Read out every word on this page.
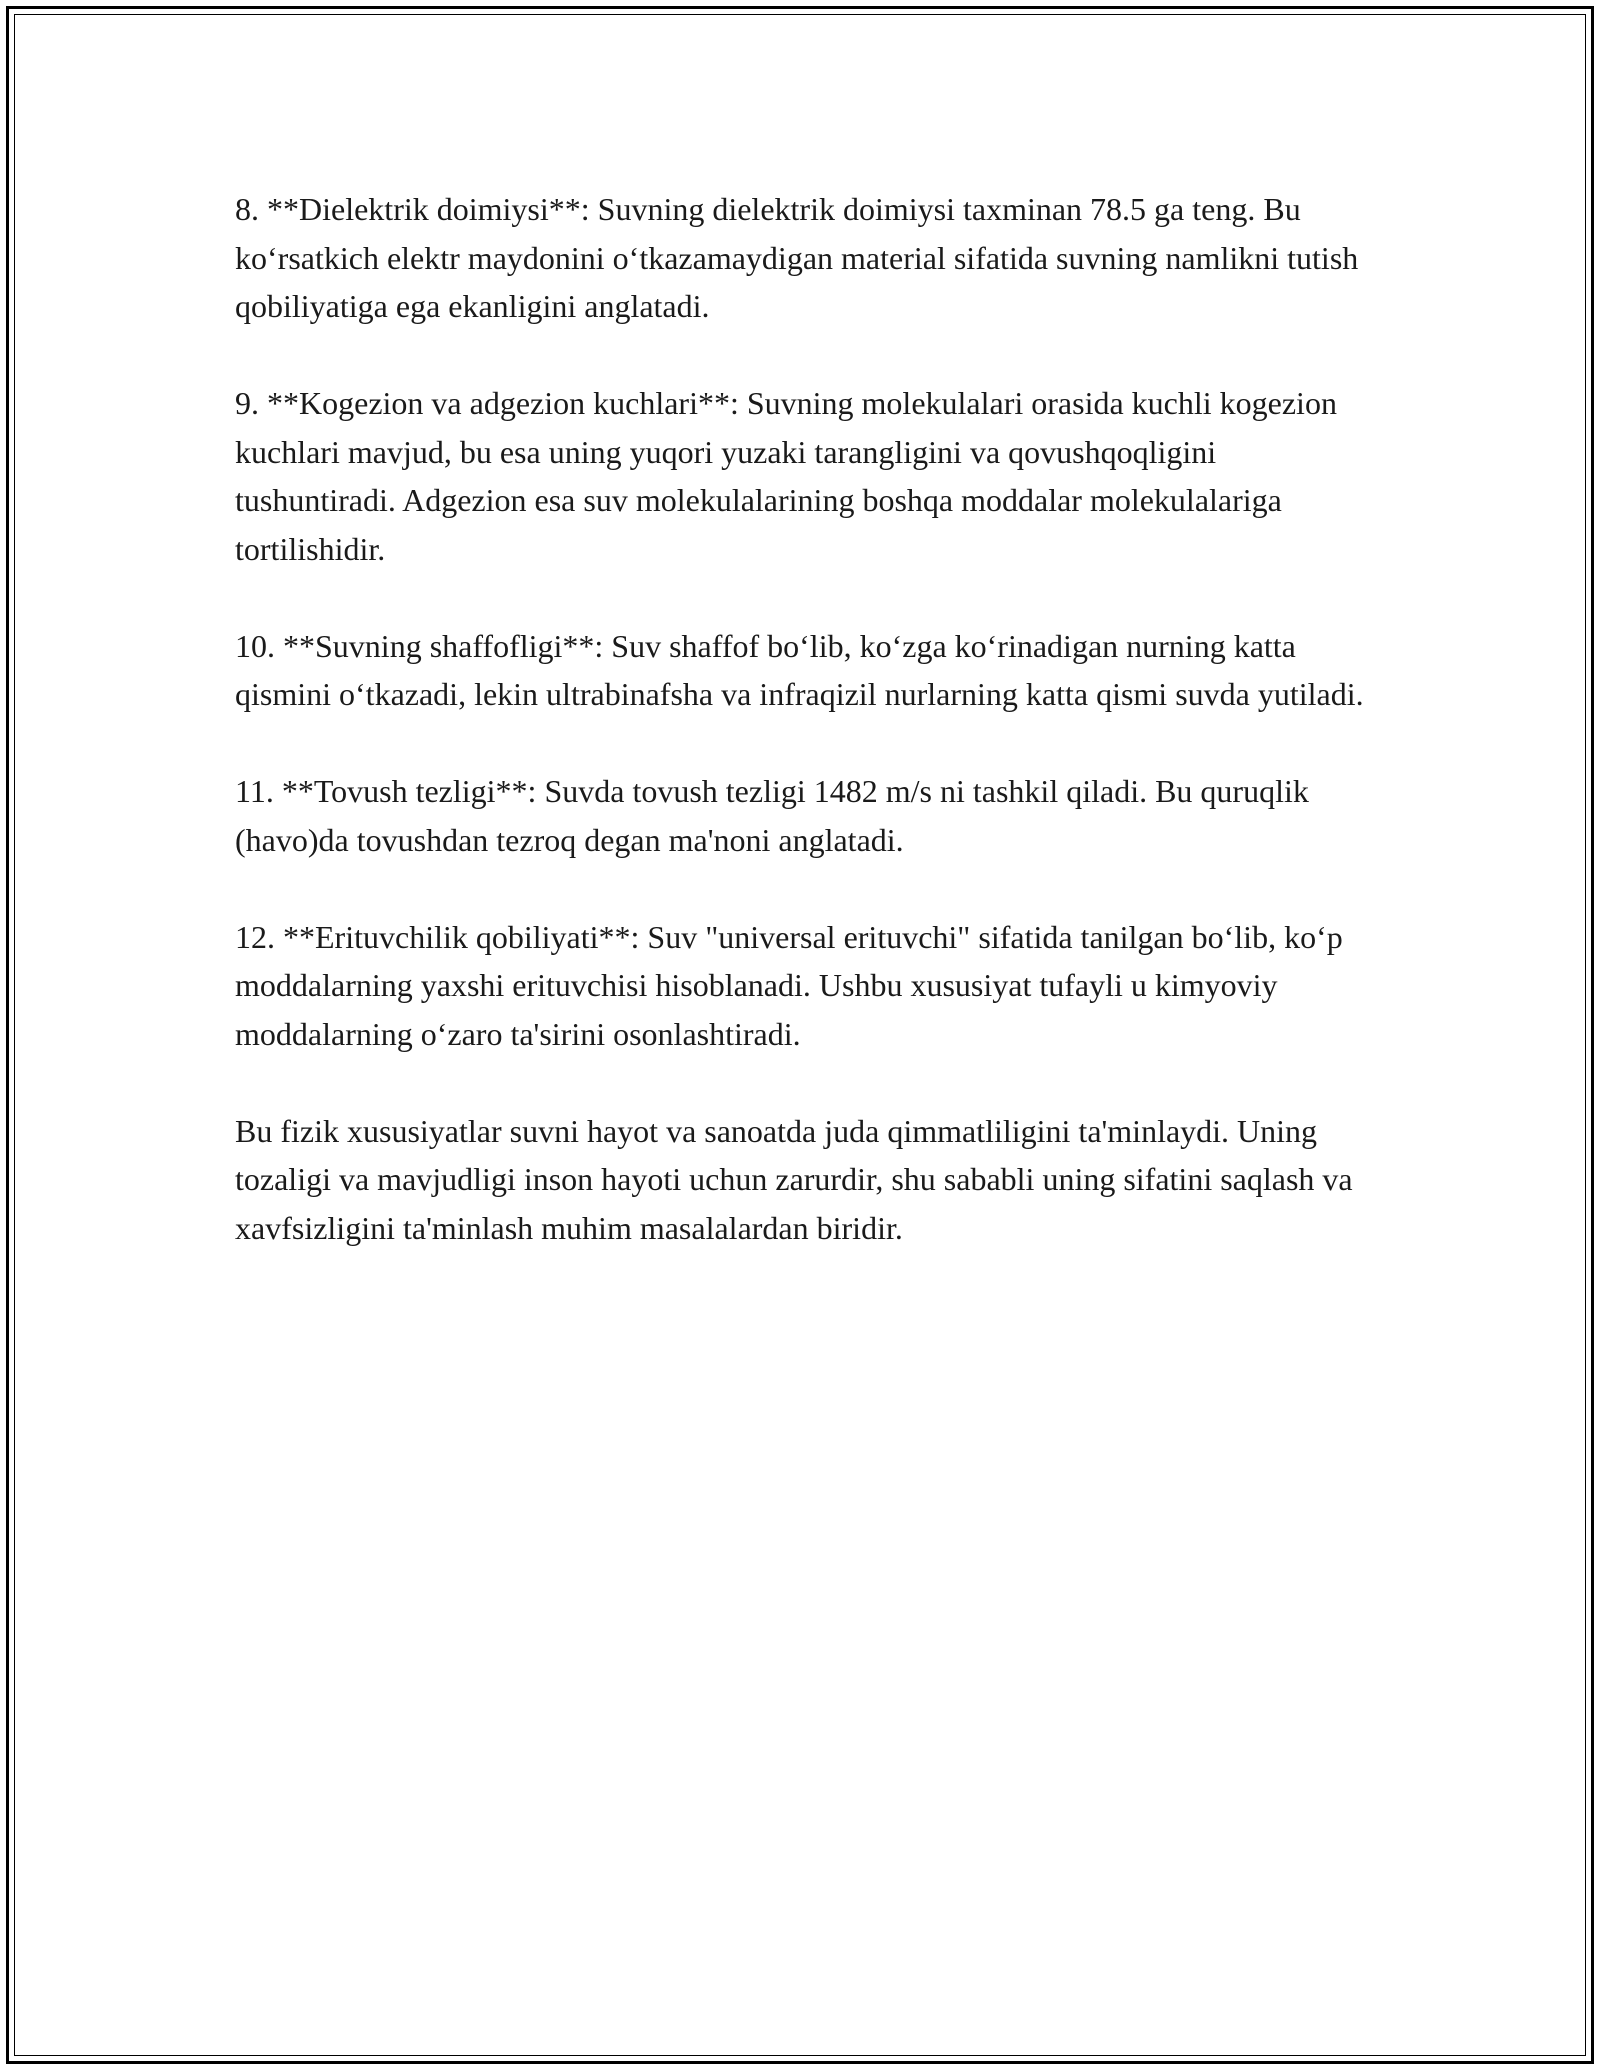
8. **Dielektrik doimiysi**: Suvning dielektrik doimiysi taxminan 78.5 ga teng. Bu koʻrsatkich elektr maydonini oʻtkazamaydigan material sifatida suvning namlikni tutish qobiliyatiga ega ekanligini anglatadi.

9. **Kogezion va adgezion kuchlari**: Suvning molekulalari orasida kuchli kogezion kuchlari mavjud, bu esa uning yuqori yuzaki tarangligini va qovushqoqligini tushuntiradi. Adgezion esa suv molekulalarining boshqa moddalar molekulalariga tortilishidir.

10. **Suvning shaffofligi**: Suv shaffof boʻlib, koʻzga koʻrinadigan nurning katta qismini oʻtkazadi, lekin ultrabinafsha va infraqizil nurlarning katta qismi suvda yutiladi.

11. **Tovush tezligi**: Suvda tovush tezligi 1482 m/s ni tashkil qiladi. Bu quruqlik (havo)da tovushdan tezroq degan ma'noni anglatadi.

12. **Erituvchilik qobiliyati**: Suv "universal erituvchi" sifatida tanilgan boʻlib, koʻp moddalarning yaxshi erituvchisi hisoblanadi. Ushbu xususiyat tufayli u kimyoviy moddalarning oʻzaro ta'sirini osonlashtiradi.

Bu fizik xususiyatlar suvni hayot va sanoatda juda qimmatliligini ta'minlaydi. Uning tozaligi va mavjudligi inson hayoti uchun zarurdir, shu sababli uning sifatini saqlash va xavfsizligini ta'minlash muhim masalalardan biridir.
